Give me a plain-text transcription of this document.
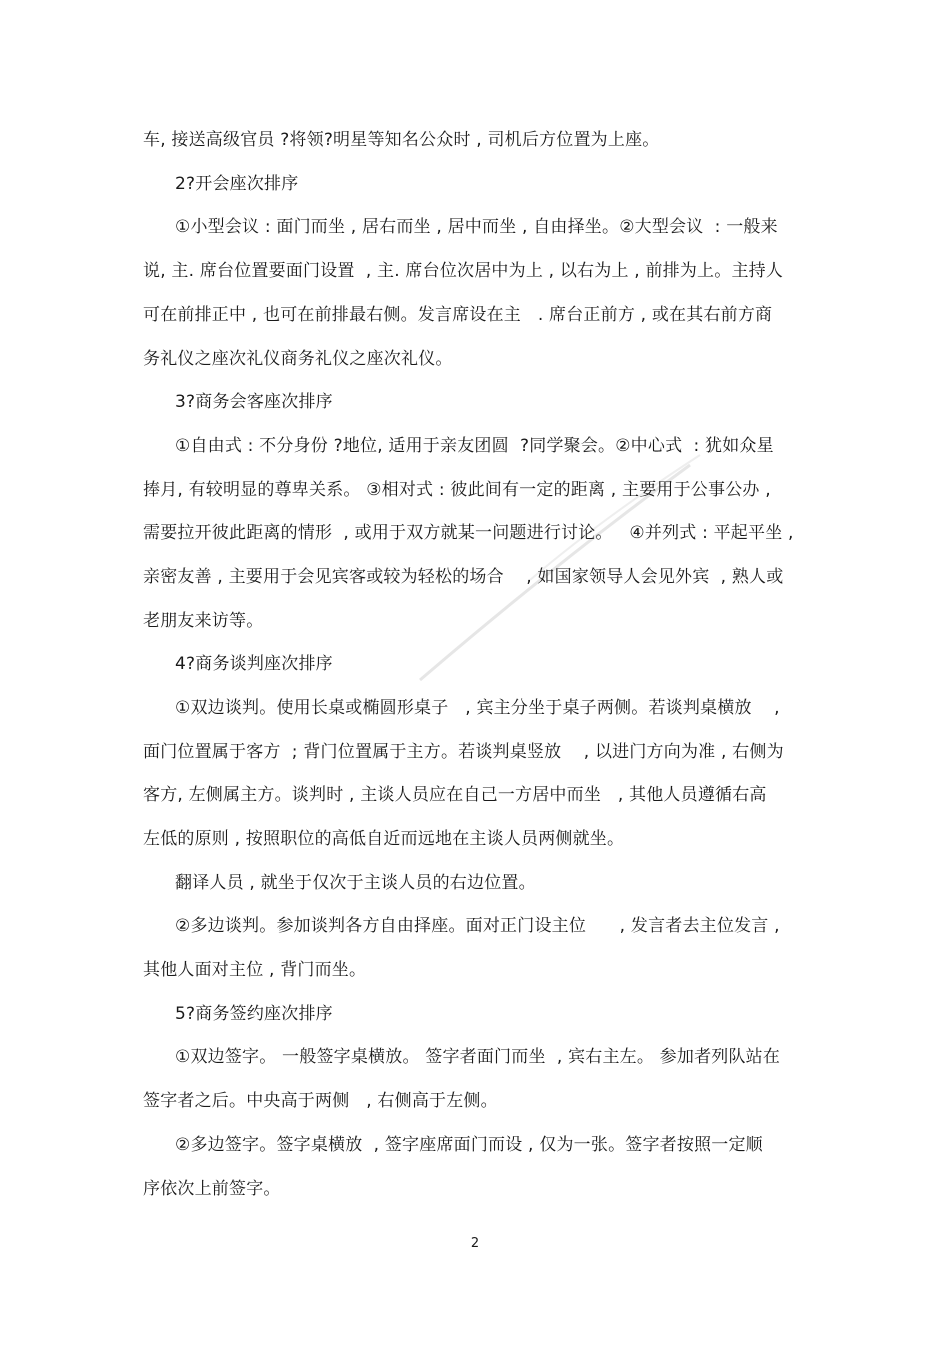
车, 接送高级官员 ?将领?明星等知名公众时 , 司机后方位置为上座。
2?开会座次排序
①小型会议 : 面门而坐 , 居右而坐 , 居中而坐 , 自由择坐。②大型会议  : 一般来
说, 主. 席台位置要面门设置  , 主. 席台位次居中为上 , 以右为上 , 前排为上。主持人
可在前排正中 , 也可在前排最右侧。发言席设在主   . 席台正前方 , 或在其右前方商
务礼仪之座次礼仪商务礼仪之座次礼仪。
3?商务会客座次排序
①自由式 : 不分身份 ?地位, 适用于亲友团圆  ?同学聚会。②中心式  : 犹如众星
捧月, 有较明显的尊卑关系。 ③相对式 : 彼此间有一定的距离 , 主要用于公事公办 ,
需要拉开彼此距离的情形  , 或用于双方就某一问题进行讨论。   ④并列式 : 平起平坐 ,
亲密友善 , 主要用于会见宾客或较为轻松的场合    , 如国家领导人会见外宾  , 熟人或
老朋友来访等。
4?商务谈判座次排序
①双边谈判。使用长桌或椭圆形桌子   , 宾主分坐于桌子两侧。若谈判桌横放    ,
面门位置属于客方  ; 背门位置属于主方。若谈判桌竖放    , 以进门方向为准 , 右侧为
客方, 左侧属主方。谈判时 , 主谈人员应在自己一方居中而坐   , 其他人员遵循右高
左低的原则 , 按照职位的高低自近而远地在主谈人员两侧就坐。
翻译人员 , 就坐于仅次于主谈人员的右边位置。
②多边谈判。参加谈判各方自由择座。面对正门设主位      , 发言者去主位发言 ,
其他人面对主位 , 背门而坐。
5?商务签约座次排序
①双边签字。 一般签字桌横放。 签字者面门而坐  , 宾右主左。 参加者列队站在
签字者之后。中央高于两侧   , 右侧高于左侧。
②多边签字。签字桌横放  , 签字座席面门而设 , 仅为一张。签字者按照一定顺
序依次上前签字。
2
